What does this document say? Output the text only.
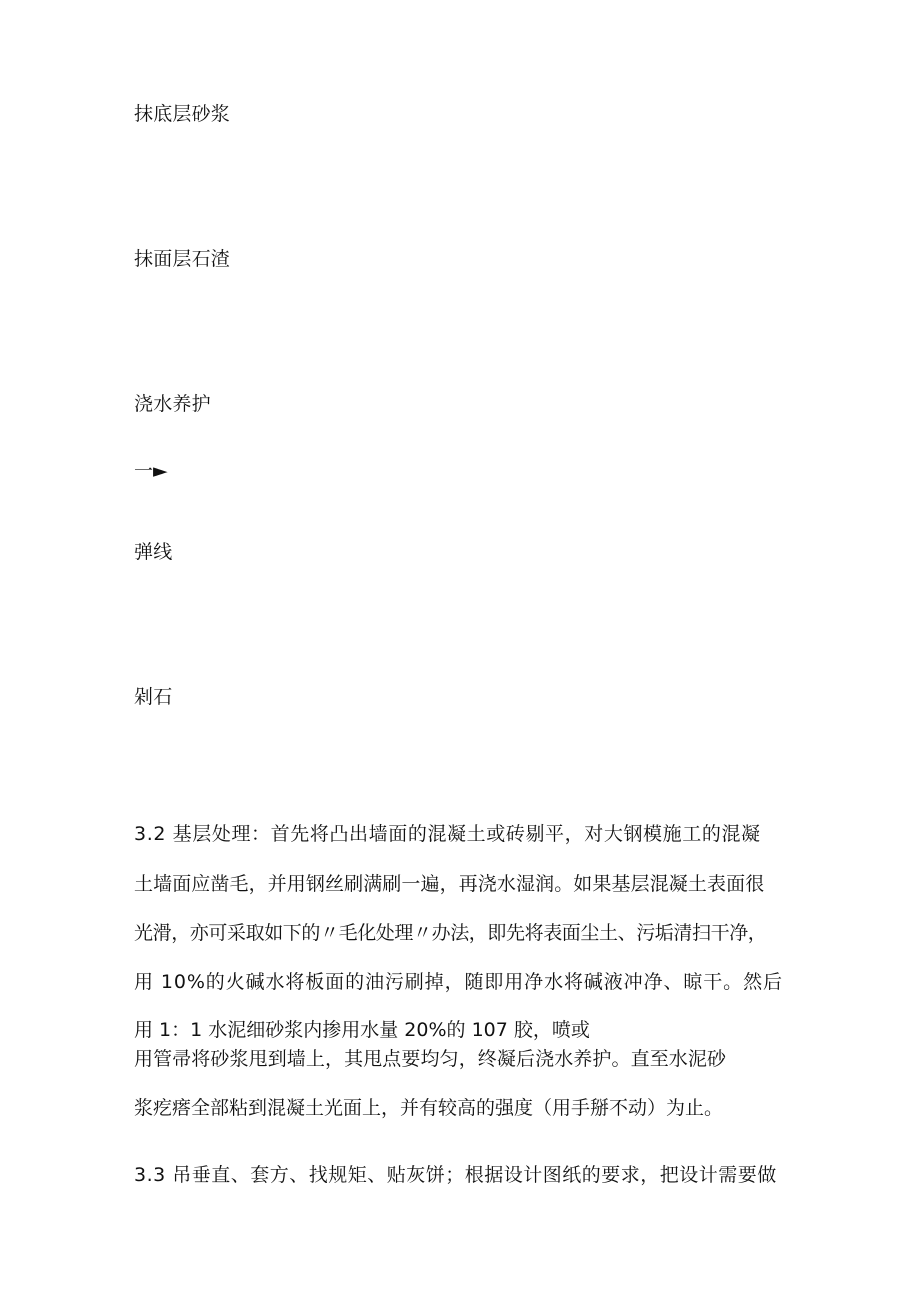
抹底层砂浆
抹面层石渣
浇水养护
一►
弹线
剁石
3.2 基层处理：首先将凸出墙面的混凝土或砖剔平，对大钢模施工的混凝
土墙面应凿毛，并用钢丝刷满刷一遍，再浇水湿润。如果基层混凝土表面很
光滑，亦可采取如下的〃毛化处理〃办法，即先将表面尘土、污垢清扫干净，
用 10%的火碱水将板面的油污刷掉，随即用净水将碱液冲净、晾干。然后
用 1：1 水泥细砂浆内掺用水量 20%的 107 胶，喷或
用管帚将砂浆甩到墙上，其甩点要均匀，终凝后浇水养护。直至水泥砂
浆疙瘩全部粘到混凝土光面上，并有较高的强度（用手掰不动）为止。
3.3 吊垂直、套方、找规矩、贴灰饼；根据设计图纸的要求，把设计需要做
